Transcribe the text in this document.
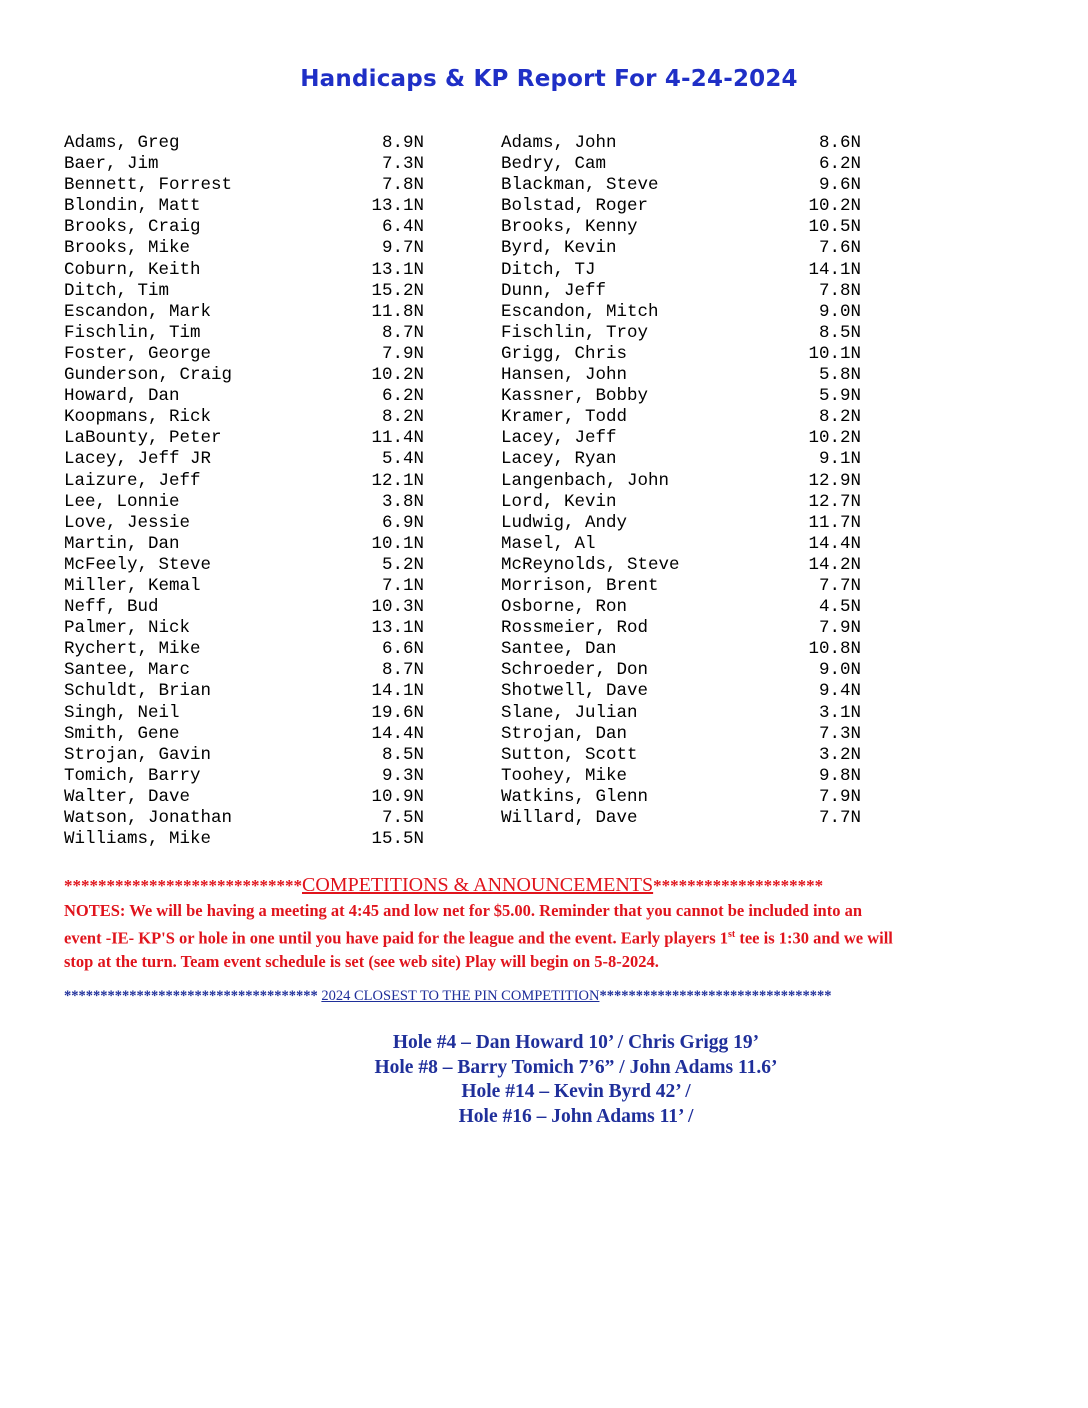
Handicaps & KP Report For 4-24-2024
Adams, Greg	8.9N
Baer, Jim	7.3N
Bennett, Forrest	7.8N
Blondin, Matt	13.1N
Brooks, Craig	6.4N
Brooks, Mike	9.7N
Coburn, Keith	13.1N
Ditch, Tim	15.2N
Escandon, Mark	11.8N
Fischlin, Tim	8.7N
Foster, George	7.9N
Gunderson, Craig	10.2N
Howard, Dan	6.2N
Koopmans, Rick	8.2N
LaBounty, Peter	11.4N
Lacey, Jeff JR	5.4N
Laizure, Jeff	12.1N
Lee, Lonnie	3.8N
Love, Jessie	6.9N
Martin, Dan	10.1N
McFeely, Steve	5.2N
Miller, Kemal	7.1N
Neff, Bud	10.3N
Palmer, Nick	13.1N
Rychert, Mike	6.6N
Santee, Marc	8.7N
Schuldt, Brian	14.1N
Singh, Neil	19.6N
Smith, Gene	14.4N
Strojan, Gavin	8.5N
Tomich, Barry	9.3N
Walter, Dave	10.9N
Watson, Jonathan	7.5N
Williams, Mike	15.5N
Adams, John	8.6N
Bedry, Cam	6.2N
Blackman, Steve	9.6N
Bolstad, Roger	10.2N
Brooks, Kenny	10.5N
Byrd, Kevin	7.6N
Ditch, TJ	14.1N
Dunn, Jeff	7.8N
Escandon, Mitch	9.0N
Fischlin, Troy	8.5N
Grigg, Chris	10.1N
Hansen, John	5.8N
Kassner, Bobby	5.9N
Kramer, Todd	8.2N
Lacey, Jeff	10.2N
Lacey, Ryan	9.1N
Langenbach, John	12.9N
Lord, Kevin	12.7N
Ludwig, Andy	11.7N
Masel, Al	14.4N
McReynolds, Steve	14.2N
Morrison, Brent	7.7N
Osborne, Ron	4.5N
Rossmeier, Rod	7.9N
Santee, Dan	10.8N
Schroeder, Don	9.0N
Shotwell, Dave	9.4N
Slane, Julian	3.1N
Strojan, Dan	7.3N
Sutton, Scott	3.2N
Toohey, Mike	9.8N
Watkins, Glenn	7.9N
Willard, Dave	7.7N
****************************COMPETITIONS & ANNOUNCEMENTS********************
NOTES: We will be having a meeting at 4:45 and low net for $5.00. Reminder that you cannot be included into an
event -IE- KP'S or hole in one until you have paid for the league and the event. Early players 1st tee is 1:30 and we will
stop at the turn. Team event schedule is set (see web site) Play will begin on 5-8-2024.
*********************************** 2024 CLOSEST TO THE PIN COMPETITION********************************
Hole #4 – Dan Howard 10’ / Chris Grigg 19’
Hole #8 – Barry Tomich 7’6” / John Adams 11.6’
Hole #14 – Kevin Byrd 42’ /
Hole #16 – John Adams 11’ /
